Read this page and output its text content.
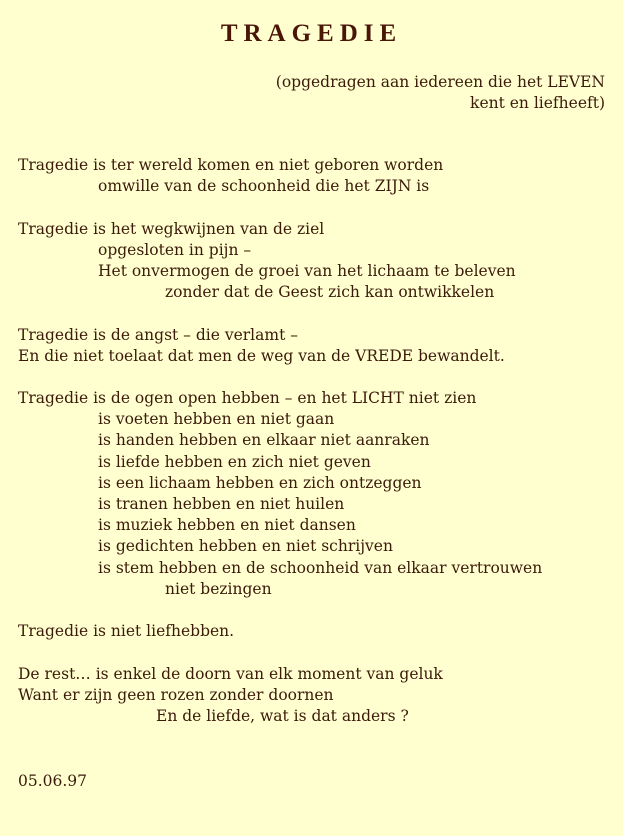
TRAGEDIE
(opgedragen aan iedereen die het LEVEN
kent en liefheeft)
Tragedie is ter wereld komen en niet geboren worden
omwille van de schoonheid die het ZIJN is
Tragedie is het wegkwijnen van de ziel
opgesloten in pijn –
Het onvermogen de groei van het lichaam te beleven
zonder dat de Geest zich kan ontwikkelen
Tragedie is de angst – die verlamt –
En die niet toelaat dat men de weg van de VREDE bewandelt.
Tragedie is de ogen open hebben – en het LICHT niet zien
is voeten hebben en niet gaan
is handen hebben en elkaar niet aanraken
is liefde hebben en zich niet geven
is een lichaam hebben en zich ontzeggen
is tranen hebben en niet huilen
is muziek hebben en niet dansen
is gedichten hebben en niet schrijven
is stem hebben en de schoonheid van elkaar vertrouwen
niet bezingen
Tragedie is niet liefhebben.
De rest… is enkel de doorn van elk moment van geluk
Want er zijn geen rozen zonder doornen
En de liefde, wat is dat anders ?
05.06.97
